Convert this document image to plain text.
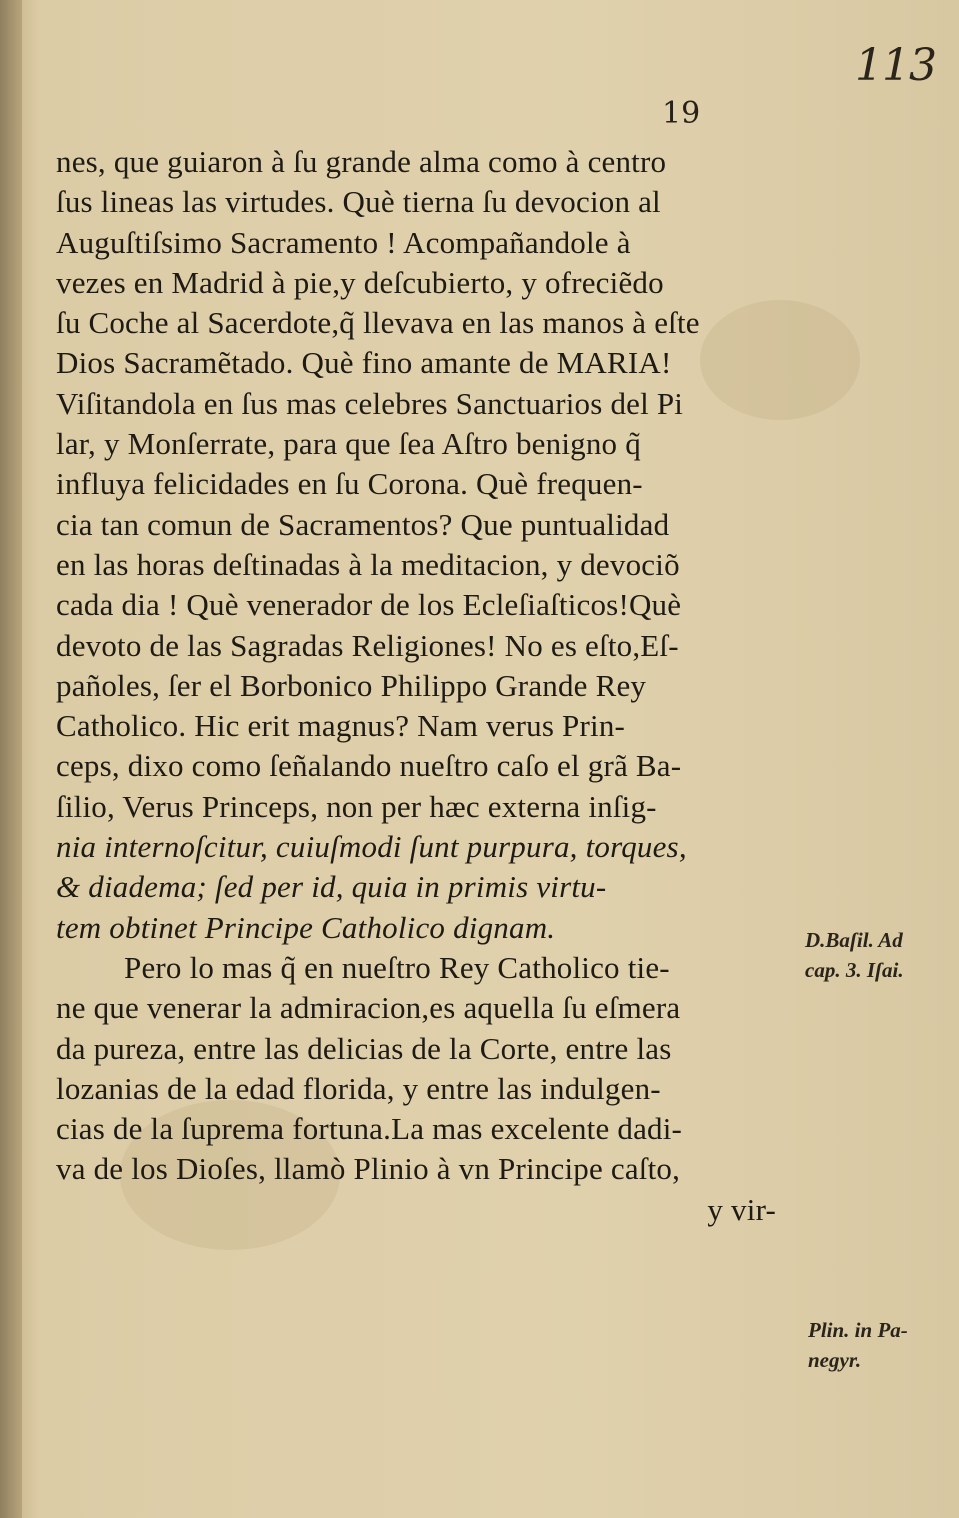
113
19
nes, que guiaron à ſu grande alma como à centro
ſus lineas las virtudes. Què tierna ſu devocion al
Auguſtiſsimo Sacramento ! Acompañandole à
vezes en Madrid à pie,y deſcubierto, y ofreciẽdo
ſu Coche al Sacerdote,q̃ llevava en las manos à eſte
Dios Sacramẽtado. Què fino amante de MARIA!
Viſitandola en ſus mas celebres Sanctuarios del Pi
lar, y Monſerrate, para que ſea Aſtro benigno q̃
influya felicidades en ſu Corona. Què frequen-
cia tan comun de Sacramentos? Que puntualidad
en las horas deſtinadas à la meditacion, y devociõ
cada dia ! Què venerador de los Ecleſiaſticos!Què
devoto de las Sagradas Religiones! No es eſto,Eſ-
pañoles, ſer el Borbonico Philippo Grande Rey
Catholico. Hic erit magnus? Nam verus Prin-
ceps, dixo como ſeñalando nueſtro caſo el grã Ba-
ſilio, Verus Princeps, non per hæc externa inſig-
nia internoſcitur, cuiuſmodi ſunt purpura, torques,
& diadema; ſed per id, quia in primis virtu-
tem obtinet Principe Catholico dignam.
Pero lo mas q̃ en nueſtro Rey Catholico tie-
ne que venerar la admiracion,es aquella ſu eſmera
da pureza, entre las delicias de la Corte, entre las
lozanias de la edad florida, y entre las indulgen-
cias de la ſuprema fortuna.La mas excelente dadi-
va de los Dioſes, llamò Plinio à vn Principe caſto,
y vir-
D.Baſil. Ad
cap. 3. Iſai.
Plin. in Pa-
negyr.
